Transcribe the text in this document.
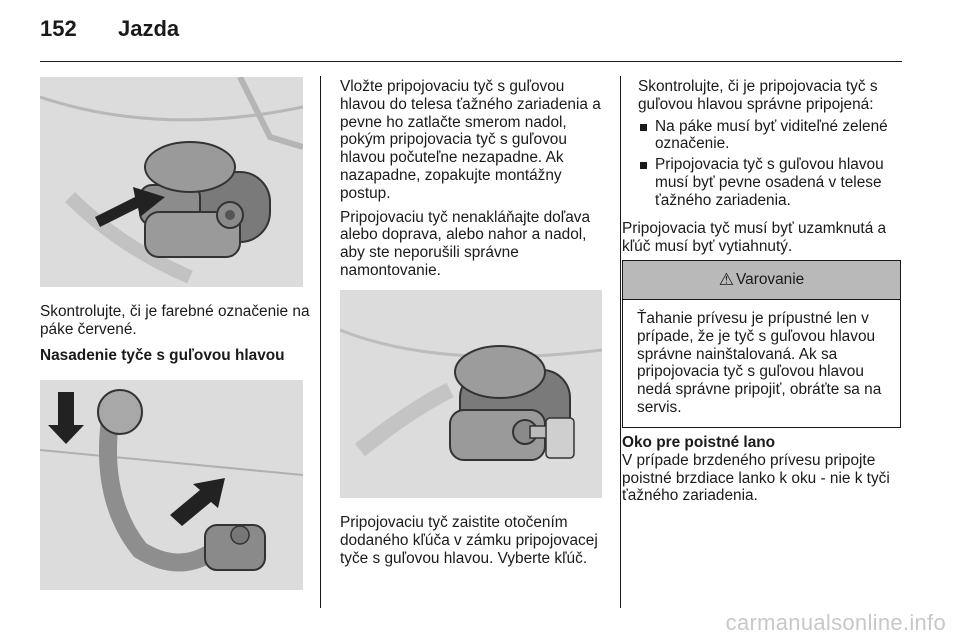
152 Jazda

Skontrolujte, či je farebné označenie na páke červené.

Nasadenie tyče s guľovou hlavou

Vložte pripojovaciu tyč s guľovou hlavou do telesa ťažného zariadenia a pevne ho zatlačte smerom nadol, pokým pripojovacia tyč s guľovou hlavou počuteľne nezapadne. Ak nazapadne, zopakujte montážny postup.

Pripojovaciu tyč nenakláňajte doľava alebo doprava, alebo nahor a nadol, aby ste neporušili správne namontovanie.

Pripojovaciu tyč zaistite otočením dodaného kľúča v zámku pripojovacej tyče s guľovou hlavou. Vyberte kľúč.

Skontrolujte, či je pripojovacia tyč s guľovou hlavou správne pripojená:

Na páke musí byť viditeľné zelené označenie.
Pripojovacia tyč s guľovou hlavou musí byť pevne osadená v telese ťažného zariadenia.

Pripojovacia tyč musí byť uzamknutá a kľúč musí byť vytiahnutý.

⚠ Varovanie
Ťahanie prívesu je prípustné len v prípade, že je tyč s guľovou hlavou správne nainštalovaná. Ak sa pripojovacia tyč s guľovou hlavou nedá správne pripojiť, obráťte sa na servis.

Oko pre poistné lano

V prípade brzdeného prívesu pripojte poistné brzdiace lanko k oku - nie k tyči ťažného zariadenia.

carmanualsonline.info
